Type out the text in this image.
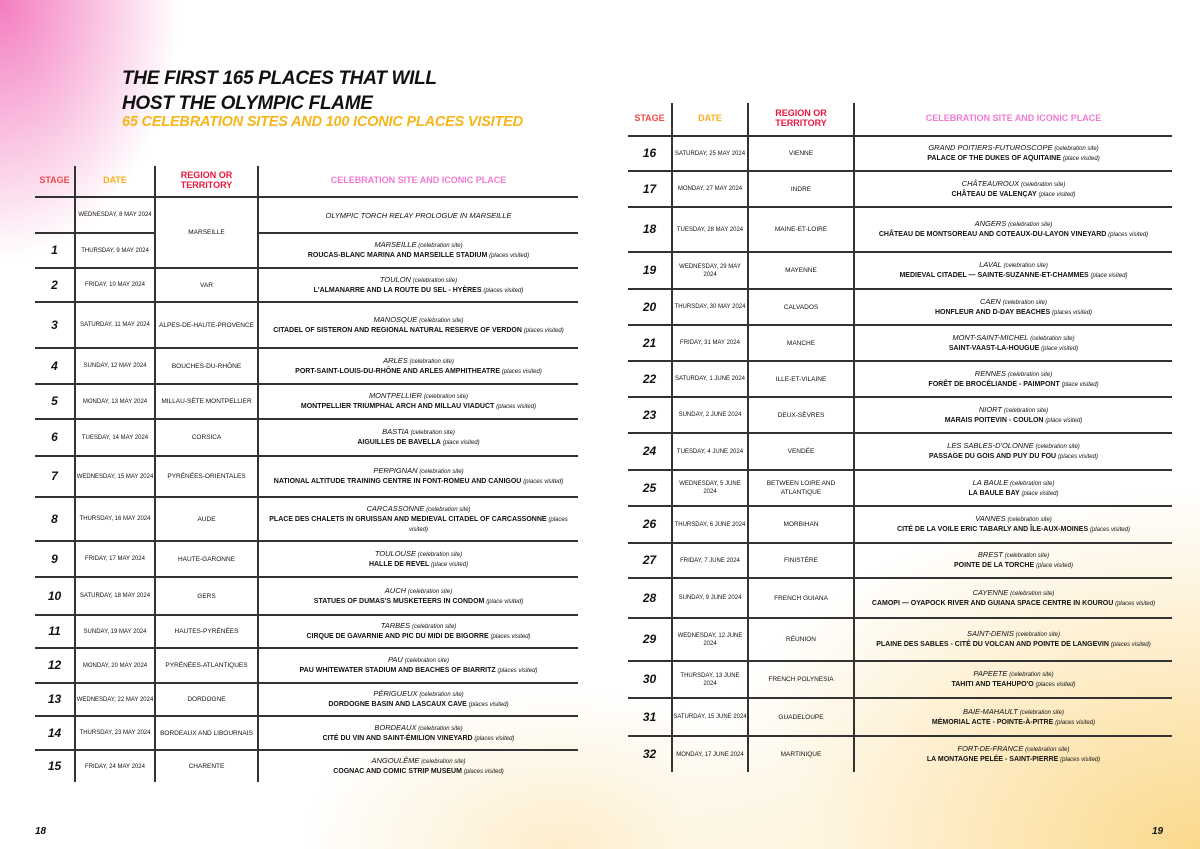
THE FIRST 165 PLACES THAT WILL
HOST THE OLYMPIC FLAME
65 CELEBRATION SITES AND 100 ICONIC PLACES VISITED
STAGE	DATE	REGION OR TERRITORY	CELEBRATION SITE AND ICONIC PLACE
	WEDNESDAY, 8 MAY 2024	MARSEILLE	OLYMPIC TORCH RELAY PROLOGUE IN MARSEILLE

1	THURSDAY, 9 MAY 2024		MARSEILLE (celebration site)
ROUCAS-BLANC MARINA AND MARSEILLE STADIUM (places visited)

2	FRIDAY, 10 MAY 2024	VAR	TOULON (celebration site)
L'ALMANARRE AND LA ROUTE DU SEL - HYÈRES (places visited)

3	SATURDAY, 11 MAY 2024	ALPES-DE-HAUTE-PROVENCE	MANOSQUE (celebration site)
CITADEL OF SISTERON AND REGIONAL NATURAL RESERVE OF VERDON (places visited)

4	SUNDAY, 12 MAY 2024	BOUCHES-DU-RHÔNE	ARLES (celebration site)
PORT-SAINT-LOUIS-DU-RHÔNE AND ARLES AMPHITHEATRE (places visited)

5	MONDAY, 13 MAY 2024	MILLAU-SÈTE MONTPELLIER	MONTPELLIER (celebration site)
MONTPELLIER TRIUMPHAL ARCH AND MILLAU VIADUCT (places visited)

6	TUESDAY, 14 MAY 2024	CORSICA	BASTIA (celebration site)
AIGUILLES DE BAVELLA (place visited)

7	WEDNESDAY, 15 MAY 2024	PYRÉNÉES-ORIENTALES	PERPIGNAN (celebration site)
NATIONAL ALTITUDE TRAINING CENTRE IN FONT-ROMEU AND CANIGOU (places visited)

8	THURSDAY, 16 MAY 2024	AUDE	CARCASSONNE (celebration site)
PLACE DES CHALETS IN GRUISSAN AND MEDIEVAL CITADEL OF CARCASSONNE (places visited)

9	FRIDAY, 17 MAY 2024	HAUTE-GARONNE	TOULOUSE (celebration site)
HALLE DE REVEL (place visited)

10	SATURDAY, 18 MAY 2024	GERS	AUCH (celebration site)
STATUES OF DUMAS'S MUSKETEERS IN CONDOM (place visited)

11	SUNDAY, 19 MAY 2024	HAUTES-PYRÉNÉES	TARBES (celebration site)
CIRQUE DE GAVARNIE AND PIC DU MIDI DE BIGORRE (places visited)

12	MONDAY, 20 MAY 2024	PYRÉNÉES-ATLANTIQUES	PAU (celebration site)
PAU WHITEWATER STADIUM AND BEACHES OF BIARRITZ (places visited)

13	WEDNESDAY, 22 MAY 2024	DORDOGNE	PÉRIGUEUX (celebration site)
DORDOGNE BASIN AND LASCAUX CAVE (places visited)

14	THURSDAY, 23 MAY 2024	BORDEAUX AND LIBOURNAIS	BORDEAUX (celebration site)
CITÉ DU VIN AND SAINT-ÉMILION VINEYARD (places visited)

15	FRIDAY, 24 MAY 2024	CHARENTE	ANGOULÊME (celebration site)
COGNAC AND COMIC STRIP MUSEUM (places visited)
STAGE	DATE	REGION OR TERRITORY	CELEBRATION SITE AND ICONIC PLACE
16	SATURDAY, 25 MAY 2024	VIENNE	GRAND POITIERS-FUTUROSCOPE (celebration site)
PALACE OF THE DUKES OF AQUITAINE (place visited)

17	MONDAY, 27 MAY 2024	INDRE	CHÂTEAUROUX (celebration site)
CHÂTEAU DE VALENÇAY (place visited)

18	TUESDAY, 28 MAY 2024	MAINE-ET-LOIRE	ANGERS (celebration site)
CHÂTEAU DE MONTSOREAU AND COTEAUX-DU-LAYON VINEYARD (places visited)

19	WEDNESDAY, 29 MAY 2024	MAYENNE	LAVAL (celebration site)
MEDIEVAL CITADEL — SAINTE-SUZANNE-ET-CHAMMES (place visited)

20	THURSDAY, 30 MAY 2024	CALVADOS	CAEN (celebration site)
HONFLEUR AND D-DAY BEACHES (places visited)

21	FRIDAY, 31 MAY 2024	MANCHE	MONT-SAINT-MICHEL (celebration site)
SAINT-VAAST-LA-HOUGUE (place visited)

22	SATURDAY, 1 JUNE 2024	ILLE-ET-VILAINE	RENNES (celebration site)
FORÊT DE BROCÉLIANDE - PAIMPONT (place visited)

23	SUNDAY, 2 JUNE 2024	DEUX-SÈVRES	NIORT (celebration site)
MARAIS POITEVIN - COULON (place visited)

24	TUESDAY, 4 JUNE 2024	VENDÉE	LES SABLES-D'OLONNE (celebration site)
PASSAGE DU GOIS AND PUY DU FOU (places visited)

25	WEDNESDAY, 5 JUNE 2024	BETWEEN LOIRE AND ATLANTIQUE	LA BAULE (celebration site)
LA BAULE BAY (place visited)

26	THURSDAY, 6 JUNE 2024	MORBIHAN	VANNES (celebration site)
CITÉ DE LA VOILE ERIC TABARLY AND ÎLE-AUX-MOINES (places visited)

27	FRIDAY, 7 JUNE 2024	FINISTÈRE	BREST (celebration site)
POINTE DE LA TORCHE (place visited)

28	SUNDAY, 9 JUNE 2024	FRENCH GUIANA	CAYENNE (celebration site)
CAMOPI — OYAPOCK RIVER AND GUIANA SPACE CENTRE IN KOUROU (places visited)

29	WEDNESDAY, 12 JUNE 2024	RÉUNION	SAINT-DENIS (celebration site)
PLAINE DES SABLES - CITÉ DU VOLCAN AND POINTE DE LANGEVIN (places visited)

30	THURSDAY, 13 JUNE 2024	FRENCH POLYNESIA	PAPEETE (celebration site)
TAHITI AND TEAHUPO'O (places visited)

31	SATURDAY, 15 JUNE 2024	GUADELOUPE	BAIE-MAHAULT (celebration site)
MÉMORIAL ACTE - POINTE-À-PITRE (places visited)

32	MONDAY, 17 JUNE 2024	MARTINIQUE	FORT-DE-FRANCE (celebration site)
LA MONTAGNE PELÉE - SAINT-PIERRE (places visited)
18	19
